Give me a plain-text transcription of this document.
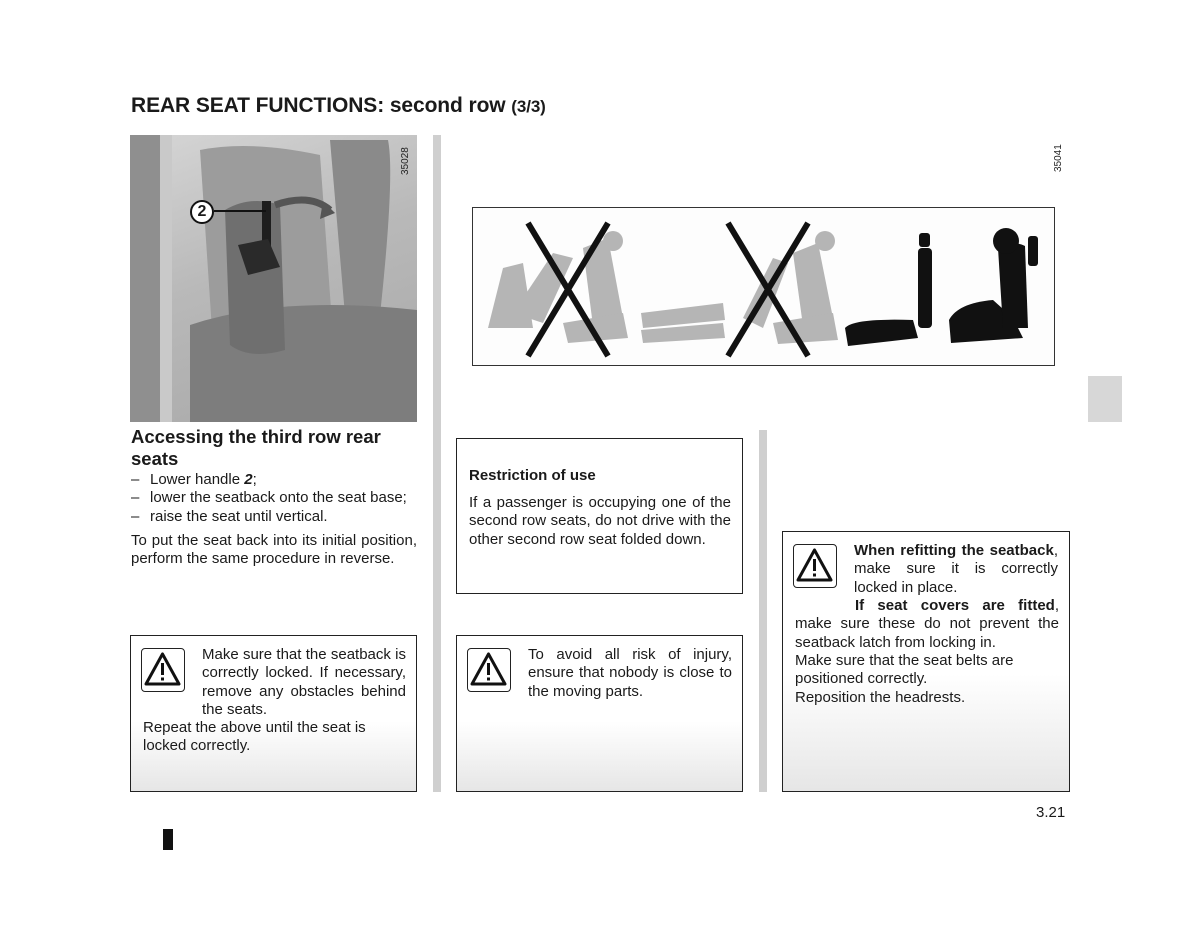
REAR SEAT FUNCTIONS: second row (3/3)
2
35028	35041
Accessing the third row rear seats
– Lower handle 2;
– lower the seatback onto the seat base;
– raise the seat until vertical.
To put the seat back into its initial position, perform the same procedure in reverse.
Make sure that the seatback is correctly locked. If necessary, remove any obstacles behind the seats.
Repeat the above until the seat is locked correctly.
Restriction of use
If a passenger is occupying one of the second row seats, do not drive with the other second row seat folded down.
To avoid all risk of injury, ensure that nobody is close to the moving parts.
When refitting the seatback, make sure it is correctly locked in place.
If seat covers are fitted, make sure these do not prevent the seatback latch from locking in.
Make sure that the seat belts are positioned correctly.
Reposition the headrests.
3.21
